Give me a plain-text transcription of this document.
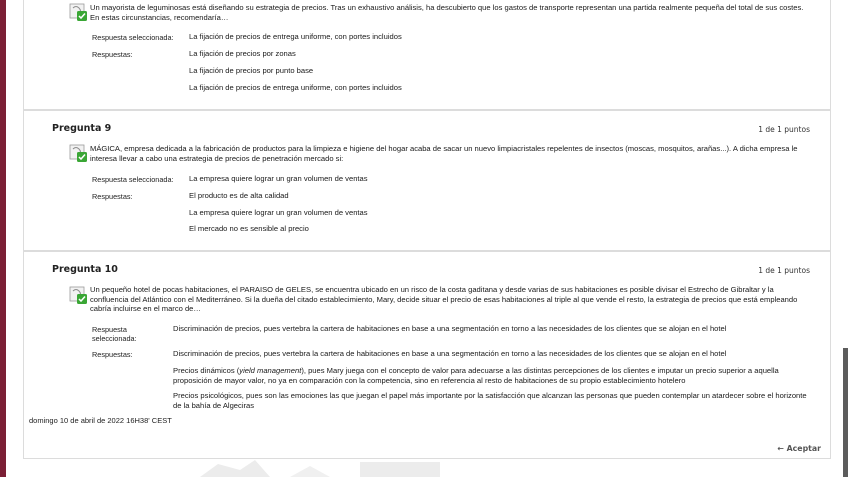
Un mayorista de leguminosas está diseñando su estrategia de precios. Tras un exhaustivo análisis, ha descubierto que los gastos de transporte representan una partida realmente pequeña del total de sus costes. En estas circunstancias, recomendaría…
Respuesta seleccionada: La fijación de precios de entrega uniforme, con portes incluidos
Respuestas:	La fijación de precios por zonas
La fijación de precios por punto base
La fijación de precios de entrega uniforme, con portes incluidos
Pregunta 9	1 de 1 puntos
MÁGICA, empresa dedicada a la fabricación de productos para la limpieza e higiene del hogar acaba de sacar un nuevo limpiacristales repelentes de insectos (moscas, mosquitos, arañas...). A dicha empresa le interesa llevar a cabo una estrategia de precios de penetración mercado si:
Respuesta seleccionada: La empresa quiere lograr un gran volumen de ventas
Respuestas:	El producto es de alta calidad
La empresa quiere lograr un gran volumen de ventas
El mercado no es sensible al precio
Pregunta 10	1 de 1 puntos
Un pequeño hotel de pocas habitaciones, el PARAISO de GELES, se encuentra ubicado en un risco de la costa gaditana y desde varias de sus habitaciones es posible divisar el Estrecho de Gibraltar y la confluencia del Atlántico con el Mediterráneo. Si la dueña del citado establecimiento, Mary, decide situar el precio de esas habitaciones al triple al que vende el resto, la estrategia de precios que está empleando cabría incluirse en el marco de…
Respuesta
seleccionada:
Discriminación de precios, pues vertebra la cartera de habitaciones en base a una segmentación en torno a las necesidades de los clientes que se alojan en el hotel
Respuestas:	Discriminación de precios, pues vertebra la cartera de habitaciones en base a una segmentación en torno a las necesidades de los clientes que se alojan en el hotel
Precios dinámicos (yield management), pues Mary juega con el concepto de valor para adecuarse a las distintas percepciones de los clientes e imputar un precio superior a aquella proposición de mayor valor, no ya en comparación con la competencia, sino en referencia al resto de habitaciones de su propio establecimiento hotelero
Precios psicológicos, pues son las emociones las que juegan el papel más importante por la satisfacción que alcanzan las personas que pueden contemplar un atardecer sobre el horizonte de la bahía de Algeciras
domingo 10 de abril de 2022 16H38' CEST
← Aceptar
